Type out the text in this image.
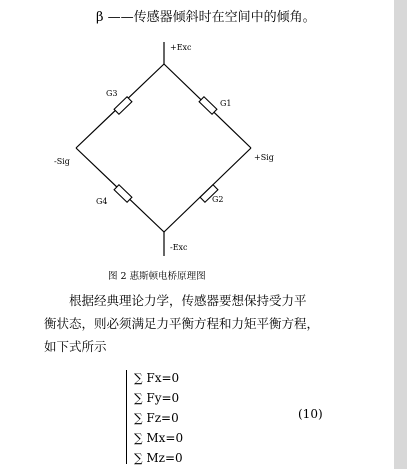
β ——传感器倾斜时在空间中的倾角。
+Exc
-Exc
-Sig	+Sig
G3
G1
G4	G2
图 2 惠斯顿电桥原理图
根据经典理论力学，传感器要想保持受力平
衡状态，则必须满足力平衡方程和力矩平衡方程，
如下式所示
∑ Fx=0
∑ Fy=0
∑ Fz=0
∑ Mx=0
∑ Mz=0
(10)
